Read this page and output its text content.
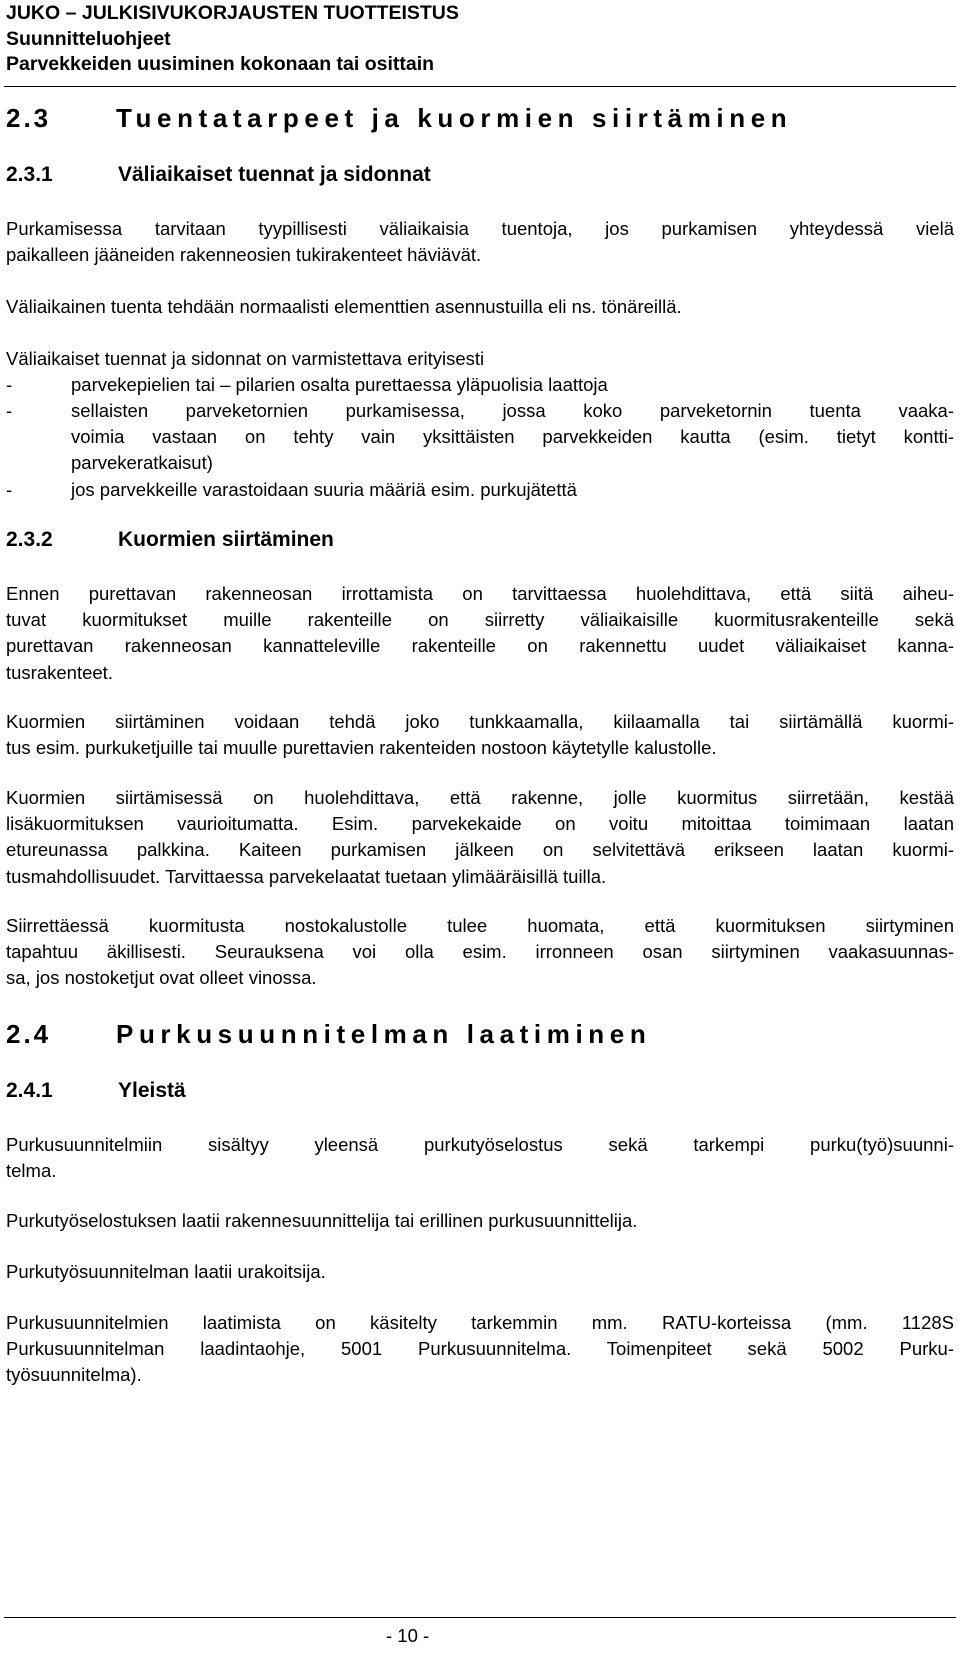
JUKO – JULKISIVUKORJAUSTEN TUOTTEISTUS
Suunnitteluohjeet
Parvekkeiden uusiminen kokonaan tai osittain
2.3 Tuentatarpeet ja kuormien siirtäminen
2.3.1	Väliaikaiset tuennat ja sidonnat
Purkamisessa tarvitaan tyypillisesti väliaikaisia tuentoja, jos purkamisen yhteydessä vielä
paikalleen jääneiden rakenneosien tukirakenteet häviävät.
Väliaikainen tuenta tehdään normaalisti elementtien asennustuilla eli ns. tönäreillä.
Väliaikaiset tuennat ja sidonnat on varmistettava erityisesti
-	parvekepielien tai – pilarien osalta purettaessa yläpuolisia laattoja
-	sellaisten parveketornien purkamisessa, jossa koko parveketornin tuenta vaaka-
voimia vastaan on tehty vain yksittäisten parvekkeiden kautta (esim. tietyt kontti-
parvekeratkaisut)
-	jos parvekkeille varastoidaan suuria määriä esim. purkujätettä
2.3.2	Kuormien siirtäminen
Ennen purettavan rakenneosan irrottamista on tarvittaessa huolehdittava, että siitä aiheu-
tuvat kuormitukset muille rakenteille on siirretty väliaikaisille kuormitusrakenteille sekä
purettavan rakenneosan kannatteleville rakenteille on rakennettu uudet väliaikaiset kanna-
tusrakenteet.
Kuormien siirtäminen voidaan tehdä joko tunkkaamalla, kiilaamalla tai siirtämällä kuormi-
tus esim. purkuketjuille tai muulle purettavien rakenteiden nostoon käytetylle kalustolle.
Kuormien siirtämisessä on huolehdittava, että rakenne, jolle kuormitus siirretään, kestää
lisäkuormituksen vaurioitumatta. Esim. parvekekaide on voitu mitoittaa toimimaan laatan
etureunassa palkkina. Kaiteen purkamisen jälkeen on selvitettävä erikseen laatan kuormi-
tusmahdollisuudet. Tarvittaessa parvekelaatat tuetaan ylimääräisillä tuilla.
Siirrettäessä kuormitusta nostokalustolle tulee huomata, että kuormituksen siirtyminen
tapahtuu äkillisesti. Seurauksena voi olla esim. irronneen osan siirtyminen vaakasuunnas-
sa, jos nostoketjut ovat olleet vinossa.
2.4 Purkusuunnitelman laatiminen
2.4.1	Yleistä
Purkusuunnitelmiin sisältyy yleensä purkutyöselostus sekä tarkempi purku(työ)suunni-
telma.
Purkutyöselostuksen laatii rakennesuunnittelija tai erillinen purkusuunnittelija.
Purkutyösuunnitelman laatii urakoitsija.
Purkusuunnitelmien laatimista on käsitelty tarkemmin mm. RATU-korteissa (mm. 1128S
Purkusuunnitelman laadintaohje, 5001 Purkusuunnitelma. Toimenpiteet sekä 5002 Purku-
työsuunnitelma).
- 10 -
